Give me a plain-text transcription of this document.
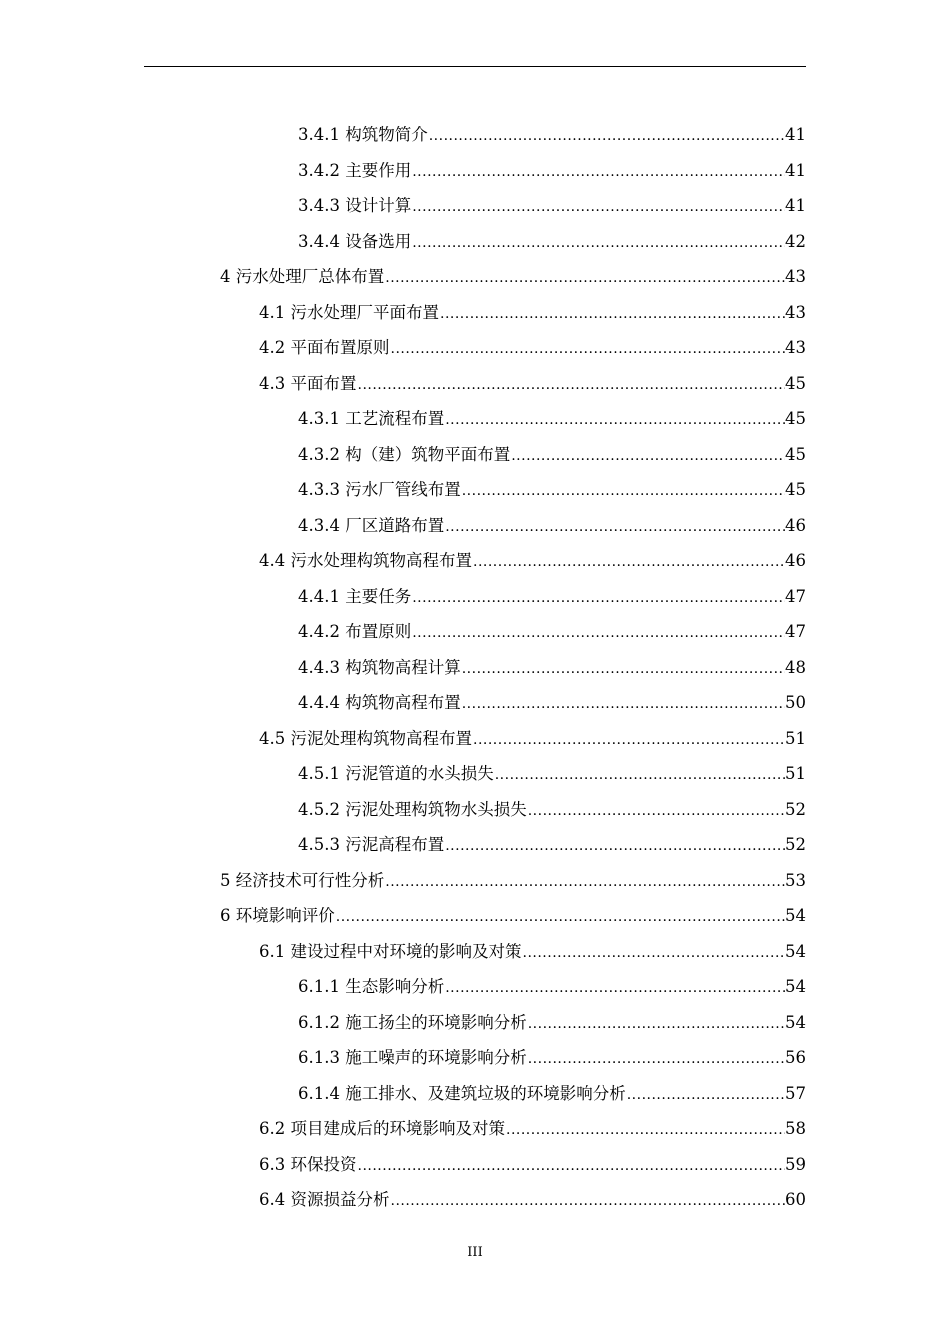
3.4.1 构筑物简介 .....	41
3.4.2 主要作用 .....	41
3.4.3 设计计算 .....	41
3.4.4 设备选用 .....	42
4 污水处理厂总体布置 .....	43
4.1 污水处理厂平面布置 .....	43
4.2 平面布置原则 .....	43
4.3 平面布置 .....	45
4.3.1 工艺流程布置 .....	45
4.3.2 构（建）筑物平面布置 .....	45
4.3.3 污水厂管线布置 .....	45
4.3.4 厂区道路布置 .....	46
4.4 污水处理构筑物高程布置 .....	46
4.4.1 主要任务 .....	47
4.4.2 布置原则 .....	47
4.4.3 构筑物高程计算 .....	48
4.4.4 构筑物高程布置 .....	50
4.5 污泥处理构筑物高程布置 .....	51
4.5.1 污泥管道的水头损失 .....	51
4.5.2 污泥处理构筑物水头损失 .....	52
4.5.3 污泥高程布置 .....	52
5 经济技术可行性分析 .....	53
6 环境影响评价 .....	54
6.1 建设过程中对环境的影响及对策 .....	54
6.1.1 生态影响分析 .....	54
6.1.2 施工扬尘的环境影响分析 .....	54
6.1.3 施工噪声的环境影响分析 .....	56
6.1.4 施工排水、及建筑垃圾的环境影响分析 .....	57
6.2 项目建成后的环境影响及对策 .....	58
6.3 环保投资 .....	59
6.4 资源损益分析 .....	60
III
